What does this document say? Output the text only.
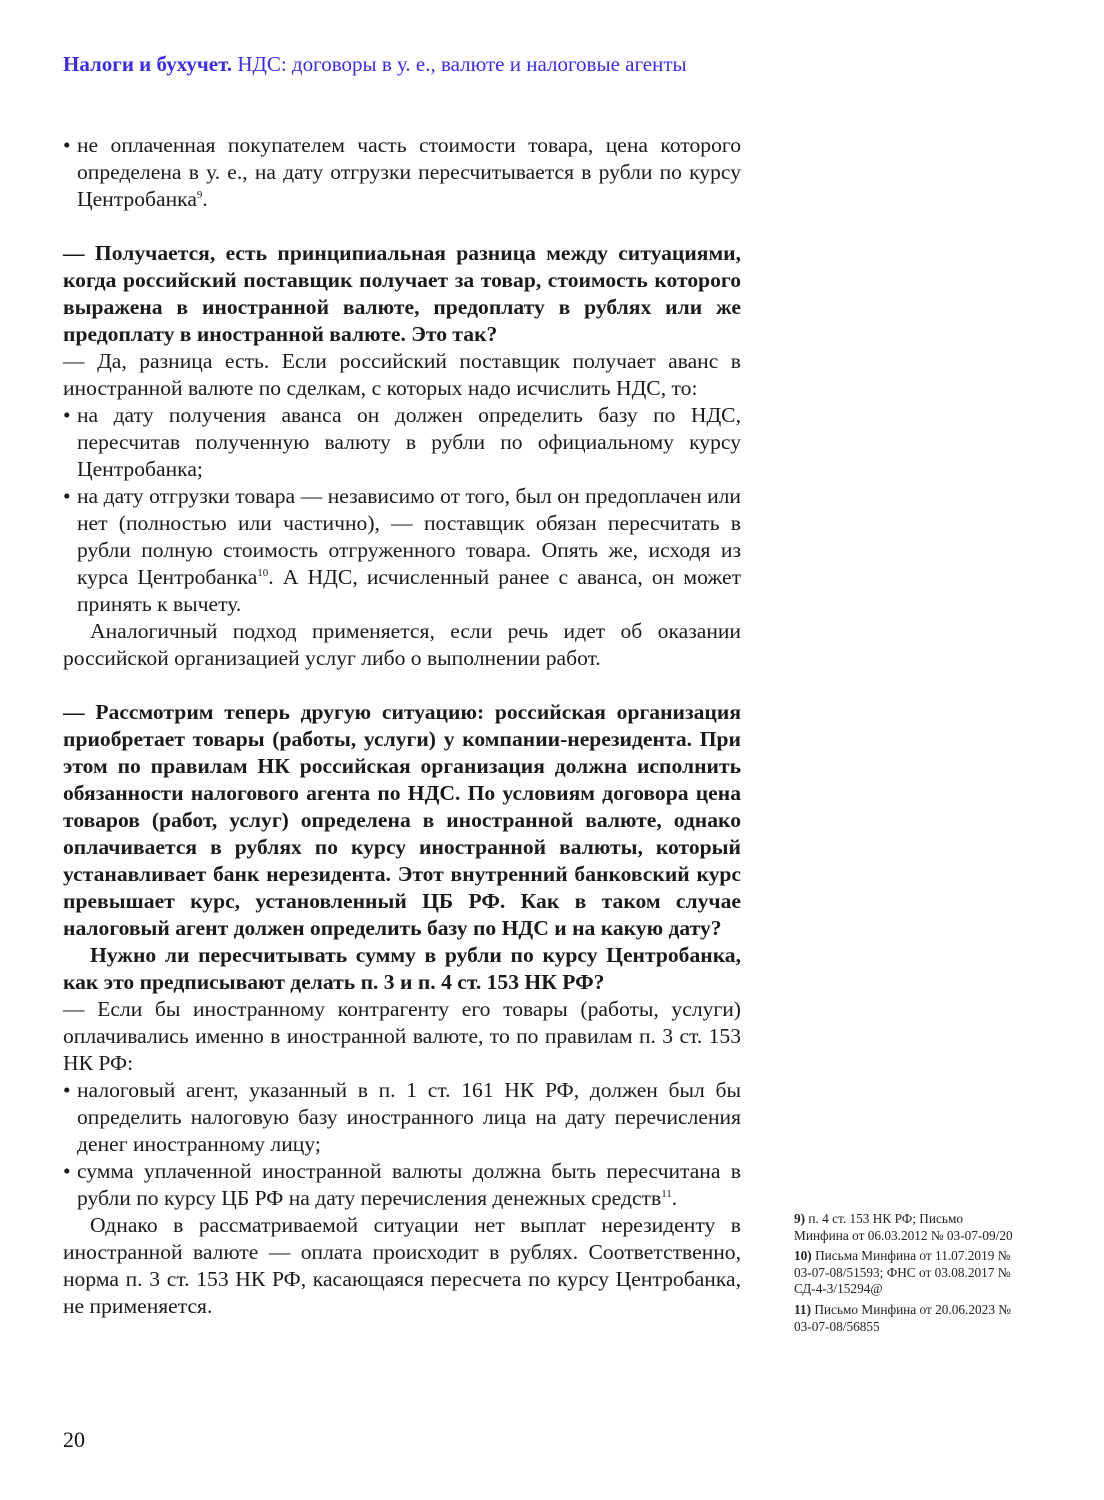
Налоги и бухучет. НДС: договоры в у. е., валюте и налоговые агенты

• не оплаченная покупателем часть стоимости товара, цена которого определена в у. е., на дату отгрузки пересчитывается в рубли по курсу Центробанка$^9$.

— Получается, есть принципиальная разница между ситуациями, когда российский поставщик получает за товар, стоимость которого выражена в иностранной валюте, предоплату в рублях или же предоплату в иностранной валюте. Это так?

— Да, разница есть. Если российский поставщик получает аванс в иностранной валюте по сделкам, с которых надо исчислить НДС, то:

• на дату получения аванса он должен определить базу по НДС, пересчитав полученную валюту в рубли по официальному курсу Центробанка;

• на дату отгрузки товара — независимо от того, был он предоплачен или нет (полностью или частично), — поставщик обязан пересчитать в рубли полную стоимость отгруженного товара. Опять же, исходя из курса Центробанка$^{10}$. А НДС, исчисленный ранее с аванса, он может принять к вычету.

Аналогичный подход применяется, если речь идет об оказании российской организацией услуг либо о выполнении работ.

— Рассмотрим теперь другую ситуацию: российская организация приобретает товары (работы, услуги) у компании-нерезидента. При этом по правилам НК российская организация должна исполнить обязанности налогового агента по НДС. По условиям договора цена товаров (работ, услуг) определена в иностранной валюте, однако оплачивается в рублях по курсу иностранной валюты, который устанавливает банк нерезидента. Этот внутренний банковский курс превышает курс, установленный ЦБ РФ. Как в таком случае налоговый агент должен определить базу по НДС и на какую дату?

Нужно ли пересчитывать сумму в рубли по курсу Центробанка, как это предписывают делать п. 3 и п. 4 ст. 153 НК РФ?

— Если бы иностранному контрагенту его товары (работы, услуги) оплачивались именно в иностранной валюте, то по правилам п. 3 ст. 153 НК РФ:

• налоговый агент, указанный в п. 1 ст. 161 НК РФ, должен был бы определить налоговую базу иностранного лица на дату перечисления денег иностранному лицу;

• сумма уплаченной иностранной валюты должна быть пересчитана в рубли по курсу ЦБ РФ на дату перечисления денежных средств$^{11}$.

Однако в рассматриваемой ситуации нет выплат нерезиденту в иностранной валюте — оплата происходит в рублях. Соответственно, норма п. 3 ст. 153 НК РФ, касающаяся пересчета по курсу Центробанка, не применяется.

9) п. 4 ст. 153 НК РФ; Письмо Минфина от 06.03.2012 № 03-07-09/20

10) Письма Минфина от 11.07.2019 № 03-07-08/51593; ФНС от 03.08.2017 № СД-4-3/15294@

11) Письмо Минфина от 20.06.2023 № 03-07-08/56855

20
